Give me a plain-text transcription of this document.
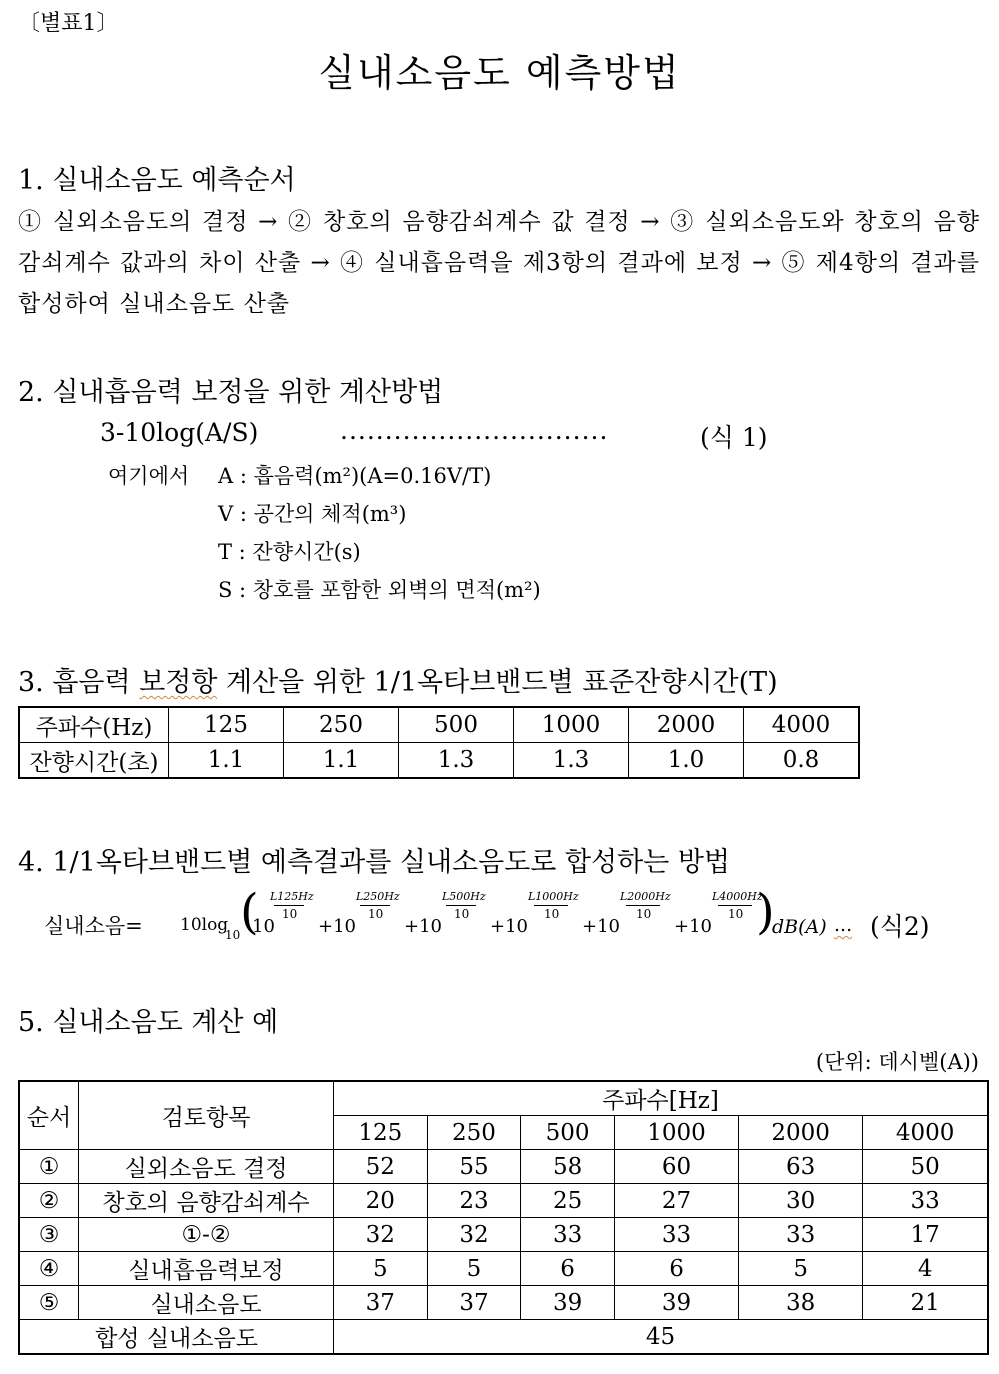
〔별표1〕
실내소음도 예측방법
1. 실내소음도 예측순서
① 실외소음도의 결정 → ② 창호의 음향감쇠계수 값 결정 → ③ 실외소음도와 창호의 음향감쇠계수 값과의 차이 산출 → ④ 실내흡음력을 제3항의 결과에 보정 → ⑤ 제4항의 결과를 합성하여 실내소음도 산출
2. 실내흡음력 보정을 위한 계산방법
3-10log(A/S)	..............................	(식 1)
여기에서 A : 흡음력(m²)(A=0.16V/T)
V : 공간의 체적(m³)
T : 잔향시간(s)
S : 창호를 포함한 외벽의 면적(m²)
3. 흡음력 보정항 계산을 위한 1/1옥타브밴드별 표준잔향시간(T)
주파수(Hz)	125	250	500	1000	2000	4000
잔향시간(초)	1.1	1.1	1.3	1.3	1.0	0.8
4. 1/1옥타브밴드별 예측결과를 실내소음도로 합성하는 방법
실내소음= 10log
10 (
10
L125Hz
10
+10
L250Hz
10
+10
L500Hz
10
+10
L1000Hz
10
+10
L2000Hz
10
+10
L4000Hz
10 )
dB(A) ... (식2)
5. 실내소음도 계산 예
(단위: 데시벨(A))
순서	검토항목	주파수[Hz]					
		125	250	500	1000	2000	4000
①	실외소음도 결정	52	55	58	60	63	50
②	창호의 음향감쇠계수	20	23	25	27	30	33
③	①-②	32	32	33	33	33	17
④	실내흡음력보정	5	5	6	6	5	4
⑤	실내소음도	37	37	39	39	38	21
합성 실내소음도		45					
